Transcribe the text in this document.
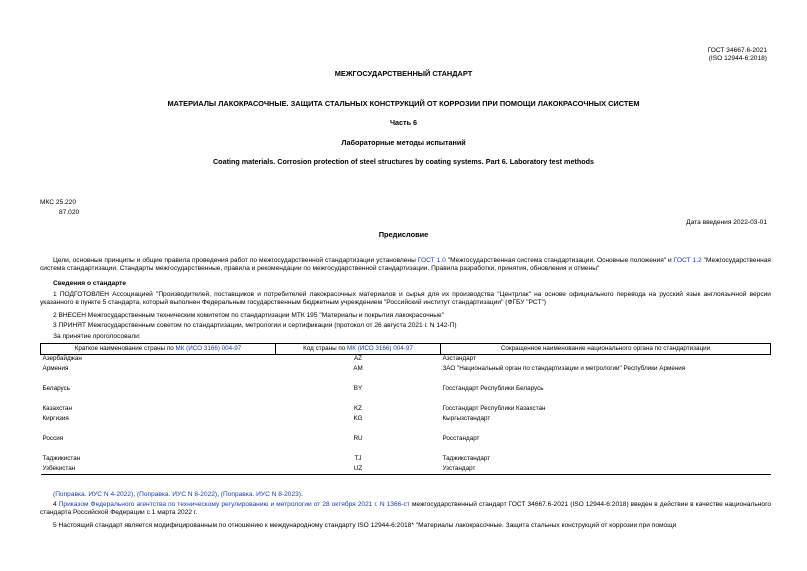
ГОСТ 34667.6-2021
(ISO 12944-6:2018)
МЕЖГОСУДАРСТВЕННЫЙ СТАНДАРТ
МАТЕРИАЛЫ ЛАКОКРАСОЧНЫЕ. ЗАЩИТА СТАЛЬНЫХ КОНСТРУКЦИЙ ОТ КОРРОЗИИ ПРИ ПОМОЩИ ЛАКОКРАСОЧНЫХ СИСТЕМ
Часть 6
Лабораторные методы испытаний
Coating materials. Corrosion protection of steel structures by coating systems. Part 6. Laboratory test methods
МКС 25.220
87.020
Дата введения 2022-03-01
Предисловие
Цели, основные принципы и общие правила проведения работ по межгосударственной стандартизации установлены ГОСТ 1.0 "Межгосударственная система стандартизации. Основные положения" и ГОСТ 1.2 "Межгосударственная система стандартизации. Стандарты межгосударственные, правила и рекомендации по межгосударственной стандартизации. Правила разработки, принятия, обновления и отмены"
Сведения о стандарте
1 ПОДГОТОВЛЕН Ассоциацией "Производителей, поставщиков и потребителей лакокрасочных материалов и сырья для их производства "Центрлак" на основе официального перевода на русский язык англоязычной версии указанного в пункте 5 стандарта, который выполнен Федеральным государственным бюджетным учреждением "Российский институт стандартизации" (ФГБУ "РСТ")
2 ВНЕСЕН Межгосударственным техническим комитетом по стандартизации МТК 195 "Материалы и покрытия лакокрасочные"
3 ПРИНЯТ Межгосударственным советом по стандартизации, метрологии и сертификации (протокол от 26 августа 2021 г. N 142-П)
За принятие проголосовали:
Краткое наименование страны по МК (ИСО 3166) 004-97	Код страны по МК (ИСО 3166) 004-97	Сокращенное наименование национального органа по стандартизации
Азербайджан	AZ	Азстандарт
Армения	AM	ЗАО "Национальный орган по стандартизации и метрологии" Республики Армения
Беларусь	BY	Госстандарт Республики Беларусь
Казахстан	KZ	Госстандарт Республики Казахстан
Киргизия	KG	Кыргызстандарт
Россия	RU	Росстандарт
Таджикистан	TJ	Таджикстандарт
Узбекистан	UZ	Узстандарт
(Поправка. ИУС N 4-2022), (Поправка. ИУС N 8-2022), (Поправка. ИУС N 8-2023).
4 Приказом Федерального агентства по техническому регулированию и метрологии от 28 октября 2021 г. N 1366-ст межгосударственный стандарт ГОСТ 34667.6-2021 (ISO 12944-6:2018) введен в действие в качестве национального стандарта Российской Федерации с 1 марта 2022 г.
5 Настоящий стандарт является модифицированным по отношению к международному стандарту ISO 12944-6:2018* "Материалы лакокрасочные. Защита стальных конструкций от коррозии при помощи
